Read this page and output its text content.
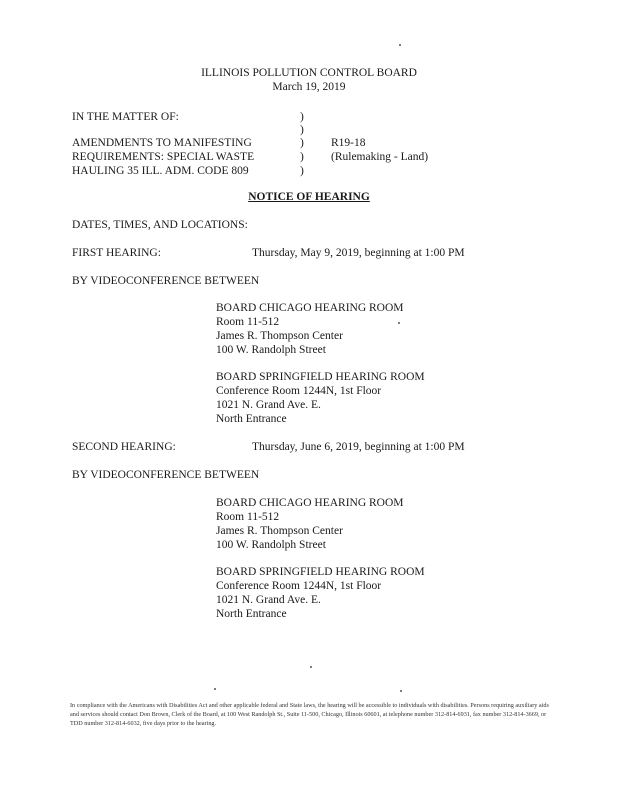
ILLINOIS POLLUTION CONTROL BOARD
March 19, 2019
IN THE MATTER OF:
AMENDMENTS TO MANIFESTING
REQUIREMENTS: SPECIAL WASTE
HAULING 35 ILL. ADM. CODE 809
)
)
)
)
)
R19-18
(Rulemaking - Land)
NOTICE OF HEARING
DATES, TIMES, AND LOCATIONS:
FIRST HEARING:	Thursday, May 9, 2019, beginning at 1:00 PM
BY VIDEOCONFERENCE BETWEEN
BOARD CHICAGO HEARING ROOM
Room 11-512
James R. Thompson Center
100 W. Randolph Street
BOARD SPRINGFIELD HEARING ROOM
Conference Room 1244N, 1st Floor
1021 N. Grand Ave. E.
North Entrance
SECOND HEARING:	Thursday, June 6, 2019, beginning at 1:00 PM
BY VIDEOCONFERENCE BETWEEN
BOARD CHICAGO HEARING ROOM
Room 11-512
James R. Thompson Center
100 W. Randolph Street
BOARD SPRINGFIELD HEARING ROOM
Conference Room 1244N, 1st Floor
1021 N. Grand Ave. E.
North Entrance
In compliance with the Americans with Disabilities Act and other applicable federal and State laws, the hearing will be accessible to individuals with disabilities. Persons requiring auxiliary aids and services should contact Don Brown, Clerk of the Board, at 100 West Randolph St., Suite 11-500, Chicago, Illinois 60601, at telephone number 312-814-6931, fax number 312-814-3669, or TDD number 312-814-6032, five days prior to the hearing.
